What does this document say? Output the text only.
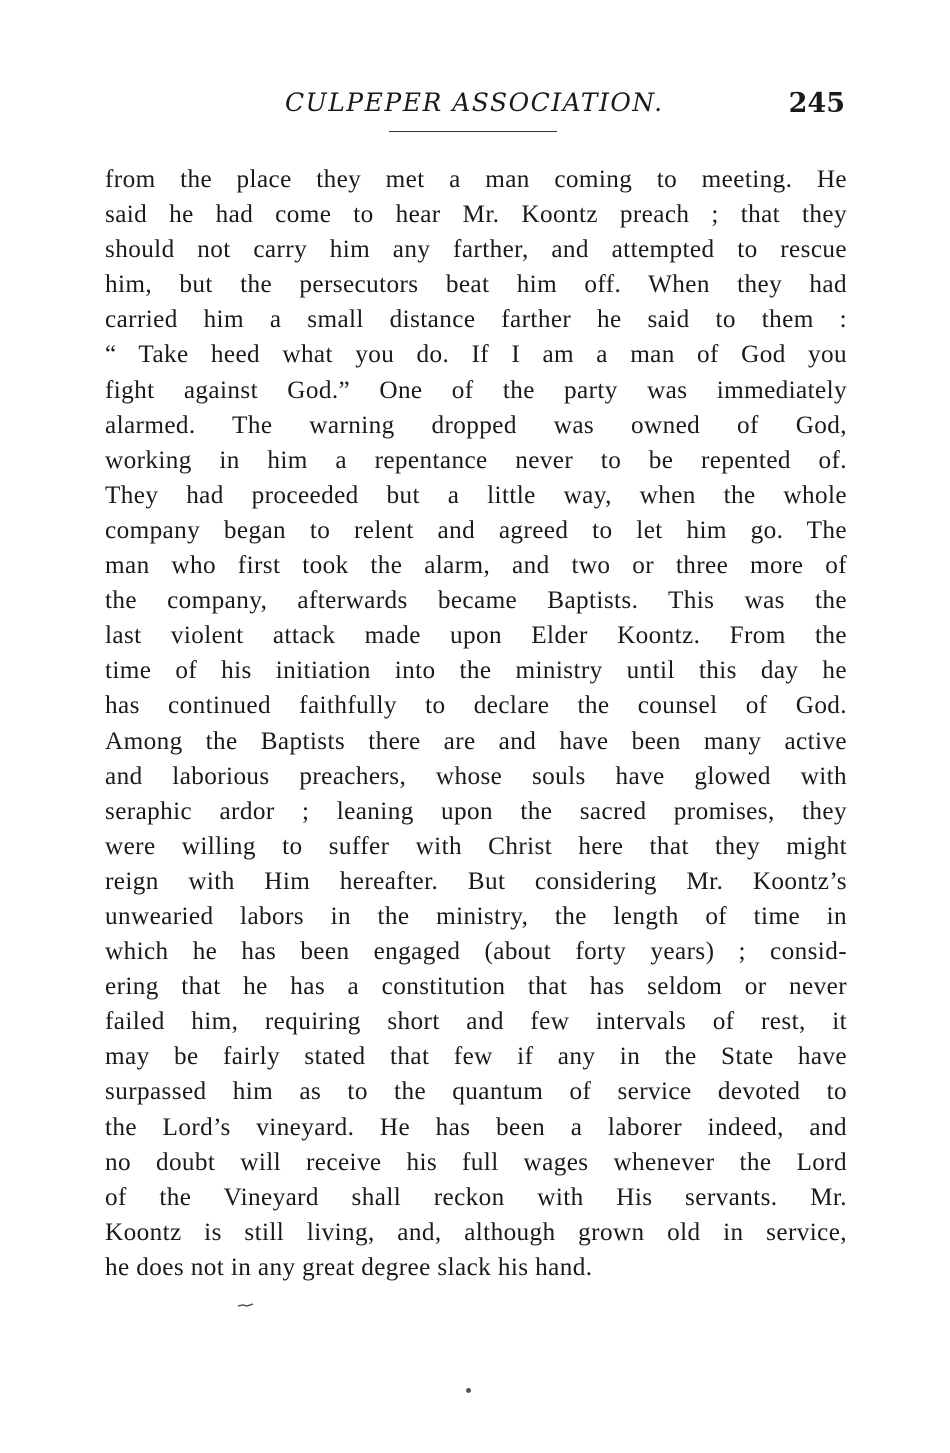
CULPEPER ASSOCIATION.	245
from the place they met a man coming to meeting. He
said he had come to hear Mr. Koontz preach ; that they
should not carry him any farther, and attempted to rescue
him, but the persecutors beat him off. When they had
carried him a small distance farther he said to them :
“ Take heed what you do. If I am a man of God you
fight against God.” One of the party was immediately
alarmed. The warning dropped was owned of God,
working in him a repentance never to be repented of.
They had proceeded but a little way, when the whole
company began to relent and agreed to let him go. The
man who first took the alarm, and two or three more of
the company, afterwards became Baptists. This was the
last violent attack made upon Elder Koontz. From the
time of his initiation into the ministry until this day he
has continued faithfully to declare the counsel of God.
Among the Baptists there are and have been many active
and laborious preachers, whose souls have glowed with
seraphic ardor ; leaning upon the sacred promises, they
were willing to suffer with Christ here that they might
reign with Him hereafter. But considering Mr. Koontz’s
unwearied labors in the ministry, the length of time in
which he has been engaged (about forty years) ; consid-
ering that he has a constitution that has seldom or never
failed him, requiring short and few intervals of rest, it
may be fairly stated that few if any in the State have
surpassed him as to the quantum of service devoted to
the Lord’s vineyard. He has been a laborer indeed, and
no doubt will receive his full wages whenever the Lord
of the Vineyard shall reckon with His servants. Mr.
Koontz is still living, and, although grown old in service,
he does not in any great degree slack his hand.
